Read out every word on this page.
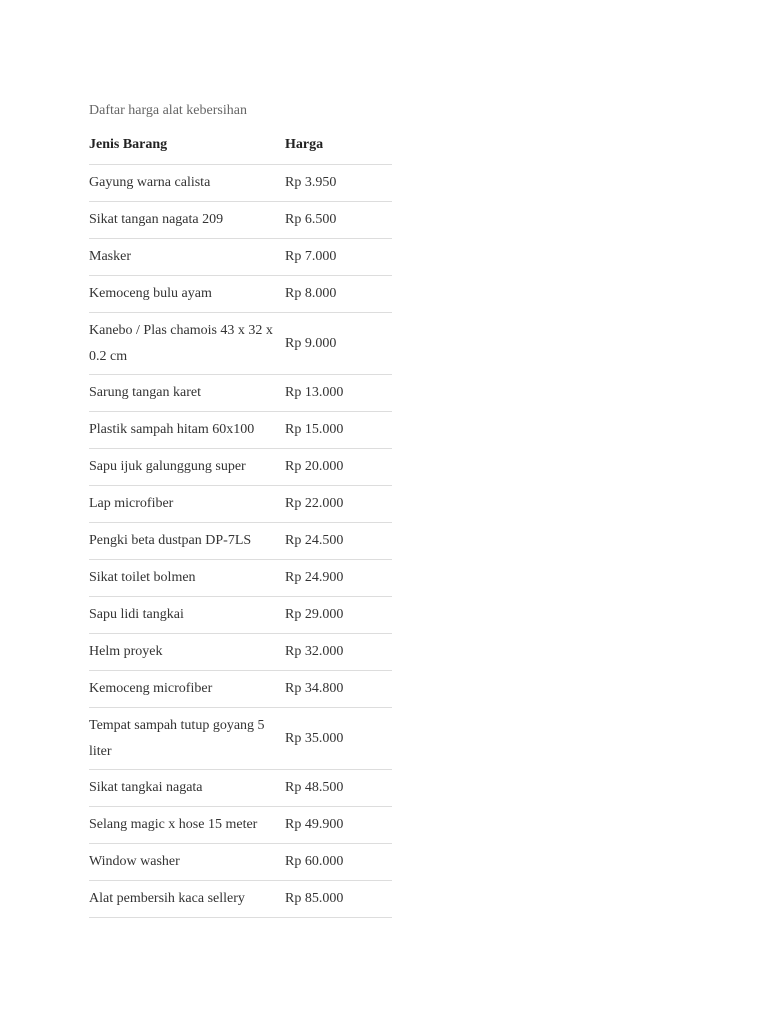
Daftar harga alat kebersihan
Jenis Barang	Harga
Gayung warna calista	Rp 3.950
Sikat tangan nagata 209	Rp 6.500
Masker	Rp 7.000
Kemoceng bulu ayam	Rp 8.000
Kanebo / Plas chamois 43 x 32 x 0.2 cm	Rp 9.000
Sarung tangan karet	Rp 13.000
Plastik sampah hitam 60x100	Rp 15.000
Sapu ijuk galunggung super	Rp 20.000
Lap microfiber	Rp 22.000
Pengki beta dustpan DP-7LS	Rp 24.500
Sikat toilet bolmen	Rp 24.900
Sapu lidi tangkai	Rp 29.000
Helm proyek	Rp 32.000
Kemoceng microfiber	Rp 34.800
Tempat sampah tutup goyang 5 liter	Rp 35.000
Sikat tangkai nagata	Rp 48.500
Selang magic x hose 15 meter	Rp 49.900
Window washer	Rp 60.000
Alat pembersih kaca sellery	Rp 85.000
